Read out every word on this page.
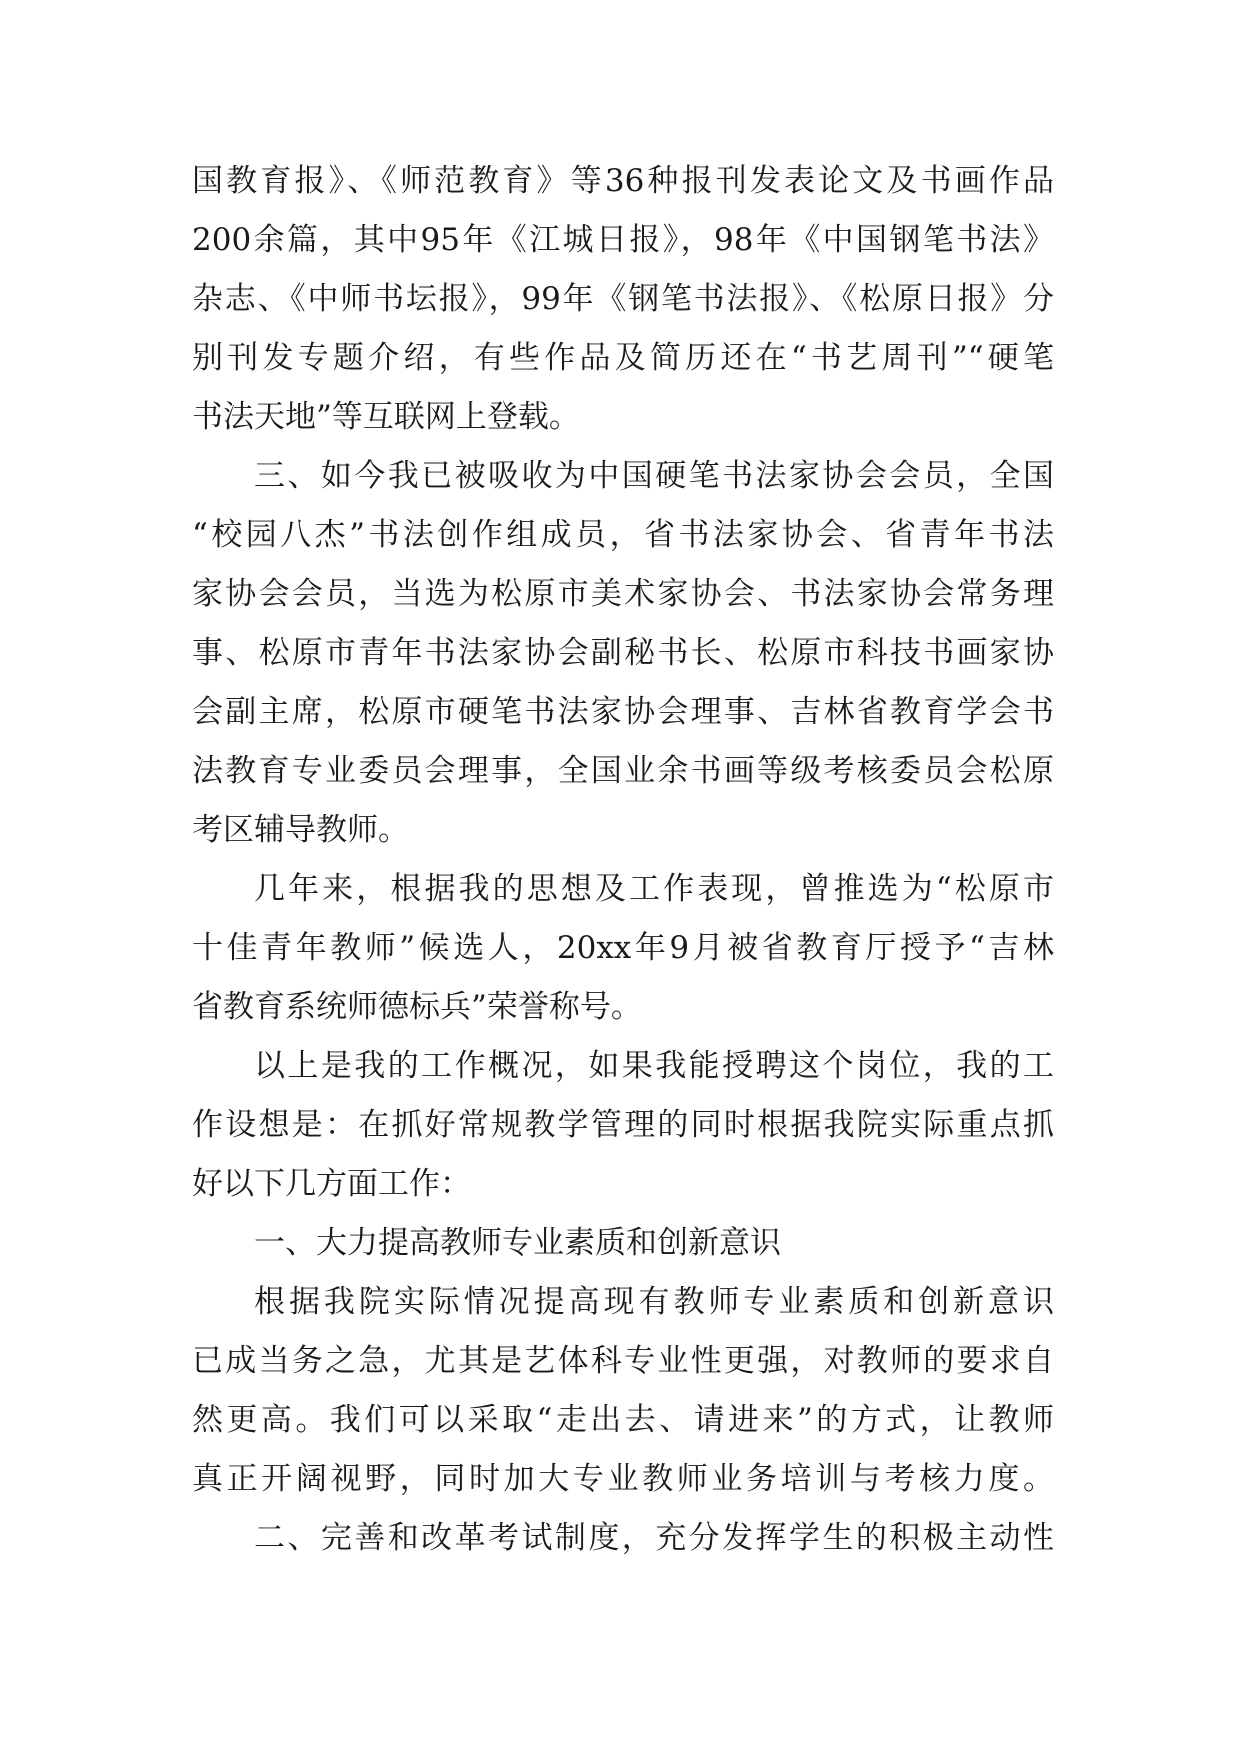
国教育报》、《师范教育》等36种报刊发表论文及书画作品
200余篇，其中95年《江城日报》，98年《中国钢笔书法》
杂志、《中师书坛报》，99年《钢笔书法报》、《松原日报》分
别刊发专题介绍，有些作品及简历还在“书艺周刊”“硬笔
书法天地”等互联网上登载。
三、如今我已被吸收为中国硬笔书法家协会会员，全国
“校园八杰”书法创作组成员，省书法家协会、省青年书法
家协会会员，当选为松原市美术家协会、书法家协会常务理
事、松原市青年书法家协会副秘书长、松原市科技书画家协
会副主席，松原市硬笔书法家协会理事、吉林省教育学会书
法教育专业委员会理事，全国业余书画等级考核委员会松原
考区辅导教师。
几年来，根据我的思想及工作表现，曾推选为“松原市
十佳青年教师”候选人，20xx年9月被省教育厅授予“吉林
省教育系统师德标兵”荣誉称号。
以上是我的工作概况，如果我能授聘这个岗位，我的工
作设想是：在抓好常规教学管理的同时根据我院实际重点抓
好以下几方面工作：
一、大力提高教师专业素质和创新意识
根据我院实际情况提高现有教师专业素质和创新意识
已成当务之急，尤其是艺体科专业性更强，对教师的要求自
然更高。我们可以采取“走出去、请进来”的方式，让教师
真正开阔视野，同时加大专业教师业务培训与考核力度。
二、完善和改革考试制度，充分发挥学生的积极主动性
